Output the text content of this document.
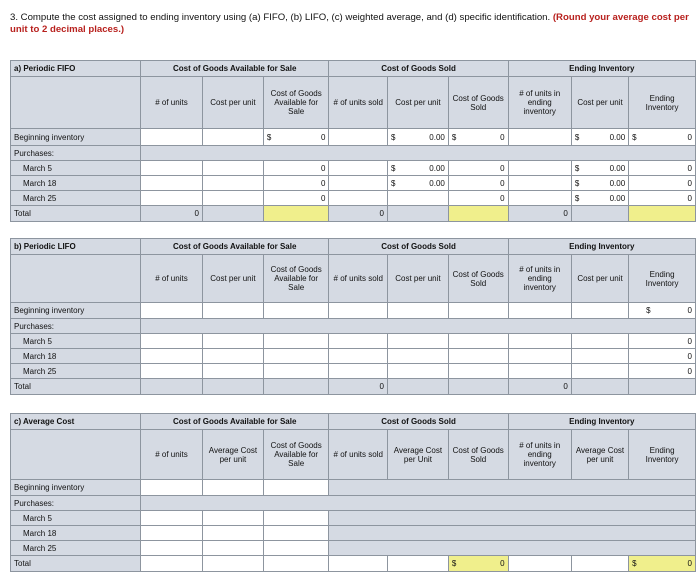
3. Compute the cost assigned to ending inventory using (a) FIFO, (b) LIFO, (c) weighted average, and (d) specific identification. (Round your average cost per unit to 2 decimal places.)
a) Periodic FIFO	Cost of Goods Available for Sale			Cost of Goods Sold			Ending Inventory		
	# of units	Cost per unit	Cost of Goods Available for Sale	# of units sold	Cost per unit	Cost of Goods Sold	# of units in ending inventory	Cost per unit	Ending Inventory
Beginning inventory			$ 0		$ 0.00	$ 0		$ 0.00	$ 0
Purchases:									
March 5			0		$ 0.00	0		$ 0.00	0
March 18			0		$ 0.00	0		$ 0.00	0
March 25			0			0		$ 0.00	0
Total	0			0			0		
b) Periodic LIFO	Cost of Goods Available for Sale			Cost of Goods Sold			Ending Inventory		
	# of units	Cost per unit	Cost of Goods Available for Sale	# of units sold	Cost per unit	Cost of Goods Sold	# of units in ending inventory	Cost per unit	Ending Inventory
Beginning inventory									$ 0
Purchases:									
March 5									0
March 18									0
March 25									0
Total				0			0		
c) Average Cost	Cost of Goods Available for Sale			Cost of Goods Sold			Ending Inventory		
	# of units	Average Cost per unit	Cost of Goods Available for Sale	# of units sold	Average Cost per Unit	Cost of Goods Sold	# of units in ending inventory	Average Cost per unit	Ending Inventory
Beginning inventory									
Purchases:									
March 5									
March 18									
March 25									
Total						$ 0			$ 0
